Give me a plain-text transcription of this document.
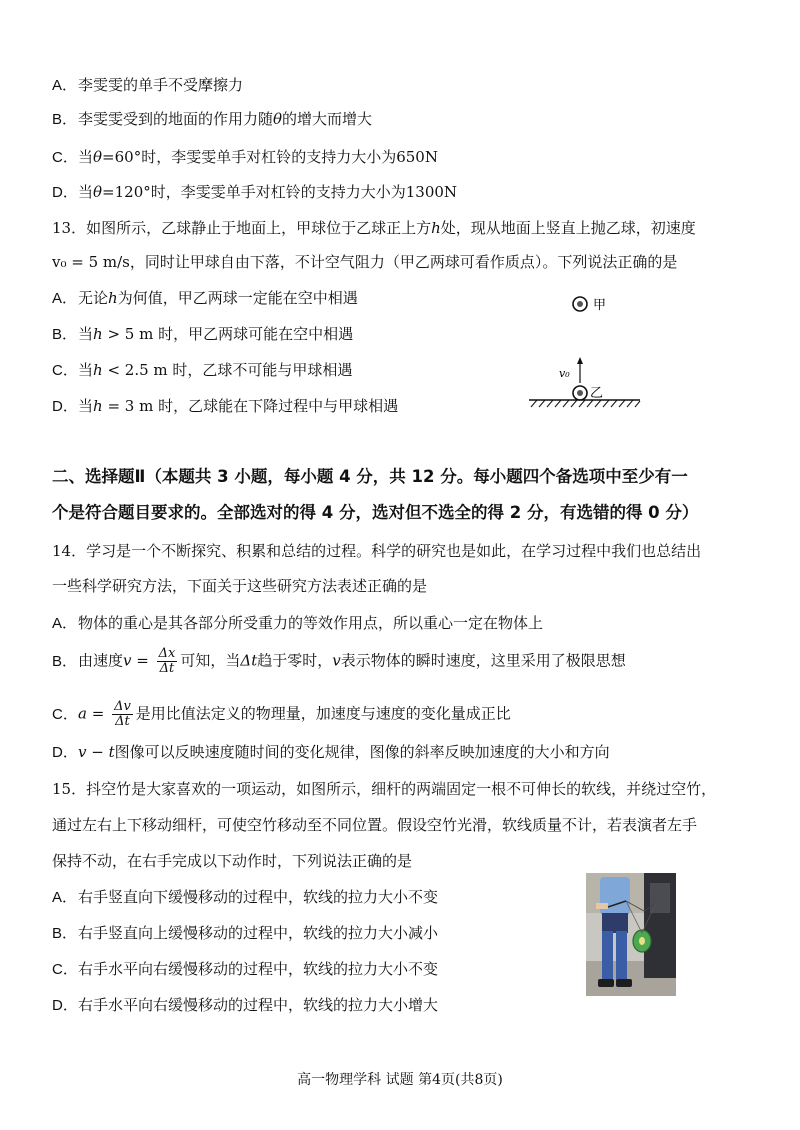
A．李雯雯的单手不受摩擦力
B．李雯雯受到的地面的作用力随θ的增大而增大
C．当θ=60°时，李雯雯单手对杠铃的支持力大小为650N
D．当θ=120°时，李雯雯单手对杠铃的支持力大小为1300N
13．如图所示，乙球静止于地面上，甲球位于乙球正上方h处，现从地面上竖直上抛乙球，初速度
v₀ = 5 m/s，同时让甲球自由下落，不计空气阻力（甲乙两球可看作质点）。下列说法正确的是
A．无论h为何值，甲乙两球一定能在空中相遇
B．当h > 5 m 时，甲乙两球可能在空中相遇
C．当h < 2.5 m 时，乙球不可能与甲球相遇
D．当h = 3 m 时，乙球能在下降过程中与甲球相遇
甲
v₀
乙
二、选择题Ⅱ（本题共 3 小题，每小题 4 分，共 12 分。每小题四个备选项中至少有一
个是符合题目要求的。全部选对的得 4 分，选对但不选全的得 2 分，有选错的得 0 分）
14．学习是一个不断探究、积累和总结的过程。科学的研究也是如此，在学习过程中我们也总结出
一些科学研究方法，下面关于这些研究方法表述正确的是
A．物体的重心是其各部分所受重力的等效作用点，所以重心一定在物体上
B．由速度$v = \frac{\Delta x}{\Delta t}$ 可知，当Δt趋于零时，v表示物体的瞬时速度，这里采用了极限思想
C．$a = \frac{\Delta v}{\Delta t}$ 是用比值法定义的物理量，加速度与速度的变化量成正比
D．v − t图像可以反映速度随时间的变化规律，图像的斜率反映加速度的大小和方向
15．抖空竹是大家喜欢的一项运动，如图所示，细杆的两端固定一根不可伸长的软线，并绕过空竹，
通过左右上下移动细杆，可使空竹移动至不同位置。假设空竹光滑，软线质量不计，若表演者左手
保持不动，在右手完成以下动作时，下列说法正确的是
A．右手竖直向下缓慢移动的过程中，软线的拉力大小不变
B．右手竖直向上缓慢移动的过程中，软线的拉力大小减小
C．右手水平向右缓慢移动的过程中，软线的拉力大小不变
D．右手水平向右缓慢移动的过程中，软线的拉力大小增大
高一物理学科 试题 第4页(共8页)
